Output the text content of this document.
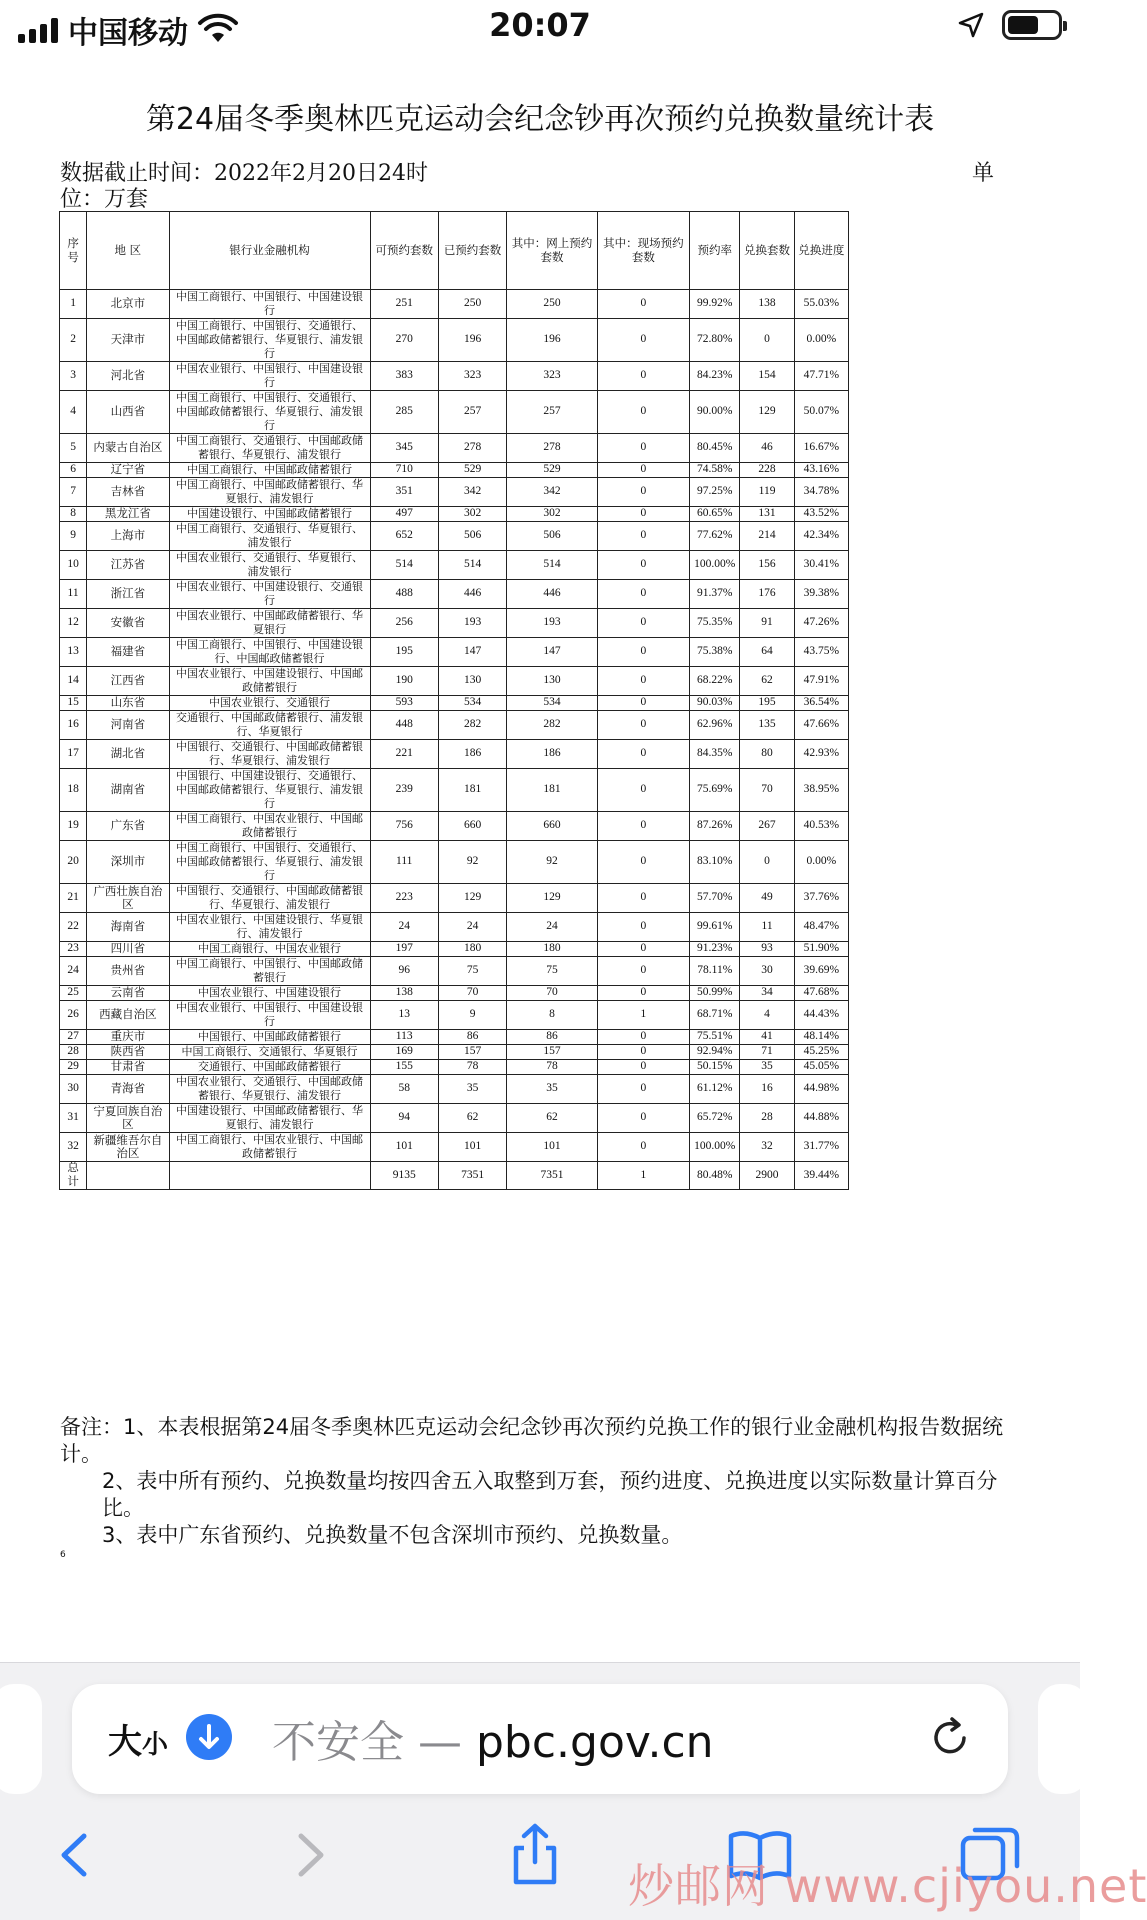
中国移动	20:07
第24届冬季奥林匹克运动会纪念钞再次预约兑换数量统计表
数据截止时间：2022年2月20日24时	单
位：万套
序号	地 区	银行业金融机构	可预约套数	已预约套数	其中：网上预约套数	其中：现场预约套数	预约率	兑换套数	兑换进度
1	北京市	中国工商银行、中国银行、中国建设银行	251	250	250	0	99.92%	138	55.03%
2	天津市	中国工商银行、中国银行、交通银行、中国邮政储蓄银行、华夏银行、浦发银行	270	196	196	0	72.80%	0	0.00%
3	河北省	中国农业银行、中国银行、中国建设银行	383	323	323	0	84.23%	154	47.71%
4	山西省	中国工商银行、中国银行、交通银行、中国邮政储蓄银行、华夏银行、浦发银行	285	257	257	0	90.00%	129	50.07%
5	内蒙古自治区	中国工商银行、交通银行、中国邮政储蓄银行、华夏银行、浦发银行	345	278	278	0	80.45%	46	16.67%
6	辽宁省	中国工商银行、中国邮政储蓄银行	710	529	529	0	74.58%	228	43.16%
7	吉林省	中国工商银行、中国邮政储蓄银行、华夏银行、浦发银行	351	342	342	0	97.25%	119	34.78%
8	黑龙江省	中国建设银行、中国邮政储蓄银行	497	302	302	0	60.65%	131	43.52%
9	上海市	中国工商银行、交通银行、华夏银行、浦发银行	652	506	506	0	77.62%	214	42.34%
10	江苏省	中国农业银行、交通银行、华夏银行、浦发银行	514	514	514	0	100.00%	156	30.41%
11	浙江省	中国农业银行、中国建设银行、交通银行	488	446	446	0	91.37%	176	39.38%
12	安徽省	中国农业银行、中国邮政储蓄银行、华夏银行	256	193	193	0	75.35%	91	47.26%
13	福建省	中国工商银行、中国银行、中国建设银行、中国邮政储蓄银行	195	147	147	0	75.38%	64	43.75%
14	江西省	中国农业银行、中国建设银行、中国邮政储蓄银行	190	130	130	0	68.22%	62	47.91%
15	山东省	中国农业银行、交通银行	593	534	534	0	90.03%	195	36.54%
16	河南省	交通银行、中国邮政储蓄银行、浦发银行、华夏银行	448	282	282	0	62.96%	135	47.66%
17	湖北省	中国银行、交通银行、中国邮政储蓄银行、华夏银行、浦发银行	221	186	186	0	84.35%	80	42.93%
18	湖南省	中国银行、中国建设银行、交通银行、中国邮政储蓄银行、华夏银行、浦发银行	239	181	181	0	75.69%	70	38.95%
19	广东省	中国工商银行、中国农业银行、中国邮政储蓄银行	756	660	660	0	87.26%	267	40.53%
20	深圳市	中国工商银行、中国银行、交通银行、中国邮政储蓄银行、华夏银行、浦发银行	111	92	92	0	83.10%	0	0.00%
21	广西壮族自治区	中国银行、交通银行、中国邮政储蓄银行、华夏银行、浦发银行	223	129	129	0	57.70%	49	37.76%
22	海南省	中国农业银行、中国建设银行、华夏银行、浦发银行	24	24	24	0	99.61%	11	48.47%
23	四川省	中国工商银行、中国农业银行	197	180	180	0	91.23%	93	51.90%
24	贵州省	中国工商银行、中国银行、中国邮政储蓄银行	96	75	75	0	78.11%	30	39.69%
25	云南省	中国农业银行、中国建设银行	138	70	70	0	50.99%	34	47.68%
26	西藏自治区	中国农业银行、中国银行、中国建设银行	13	9	8	1	68.71%	4	44.43%
27	重庆市	中国银行、中国邮政储蓄银行	113	86	86	0	75.51%	41	48.14%
28	陕西省	中国工商银行、交通银行、华夏银行	169	157	157	0	92.94%	71	45.25%
29	甘肃省	交通银行、中国邮政储蓄银行	155	78	78	0	50.15%	35	45.05%
30	青海省	中国农业银行、交通银行、中国邮政储蓄银行、华夏银行、浦发银行	58	35	35	0	61.12%	16	44.98%
31	宁夏回族自治区	中国建设银行、中国邮政储蓄银行、华夏银行、浦发银行	94	62	62	0	65.72%	28	44.88%
32	新疆维吾尔自治区	中国工商银行、中国农业银行、中国邮政储蓄银行	101	101	101	0	100.00%	32	31.77%
总计			9135	7351	7351	1	80.48%	2900	39.44%

备注：1、本表根据第24届冬季奥林匹克运动会纪念钞再次预约兑换工作的银行业金融机构报告数据统计。

2、表中所有预约、兑换数量均按四舍五入取整到万套，预约进度、兑换进度以实际数量计算百分比。

3、表中广东省预约、兑换数量不包含深圳市预约、兑换数量。

6
大小 不安全 — pbc.gov.cn
炒邮网 www.cjiyou.net
